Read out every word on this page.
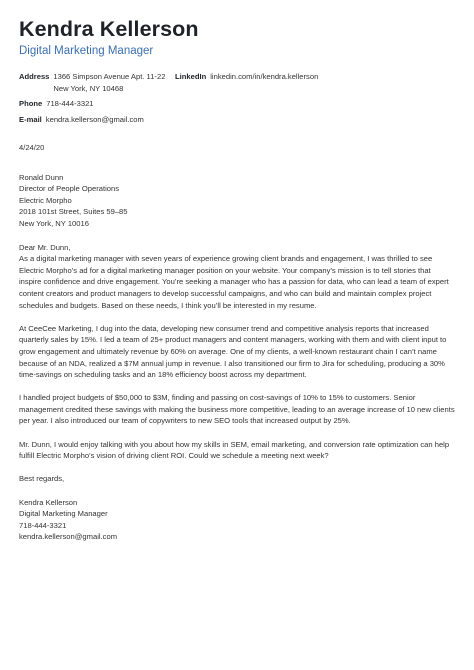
Kendra Kellerson
Digital Marketing Manager
Address 1366 Simpson Avenue Apt. 11-22
New York, NY 10468
LinkedIn linkedin.com/in/kendra.kellerson
Phone 718-444-3321
E-mail kendra.kellerson@gmail.com
4/24/20
Ronald Dunn
Director of People Operations
Electric Morpho
2018 101st Street, Suites 59–85
New York, NY 10016
Dear Mr. Dunn,

As a digital marketing manager with seven years of experience growing client brands and engagement, I was thrilled to see Electric Morpho’s ad for a digital marketing manager position on your website. Your company’s mission is to tell stories that inspire confidence and drive engagement. You’re seeking a manager who has a passion for data, who can lead a team of expert content creators and product managers to develop successful campaigns, and who can build and maintain complex project schedules and budgets. Based on these needs, I think you’ll be interested in my resume.

At CeeCee Marketing, I dug into the data, developing new consumer trend and competitive analysis reports that increased quarterly sales by 15%. I led a team of 25+ product managers and content managers, working with them and with client input to grow engagement and ultimately revenue by 60% on average. One of my clients, a well-known restaurant chain I can’t name because of an NDA, realized a $7M annual jump in revenue. I also transitioned our firm to Jira for scheduling, producing a 30% time-savings on scheduling tasks and an 18% efficiency boost across my department.

I handled project budgets of $50,000 to $3M, finding and passing on cost-savings of 10% to 15% to customers. Senior management credited these savings with making the business more competitive, leading to an average increase of 10 new clients per year. I also introduced our team of copywriters to new SEO tools that increased output by 25%.

Mr. Dunn, I would enjoy talking with you about how my skills in SEM, email marketing, and conversion rate optimization can help fulfill Electric Morpho’s vision of driving client ROI. Could we schedule a meeting next week?

Best regards,
Kendra Kellerson
Digital Marketing Manager
718-444-3321
kendra.kellerson@gmail.com
